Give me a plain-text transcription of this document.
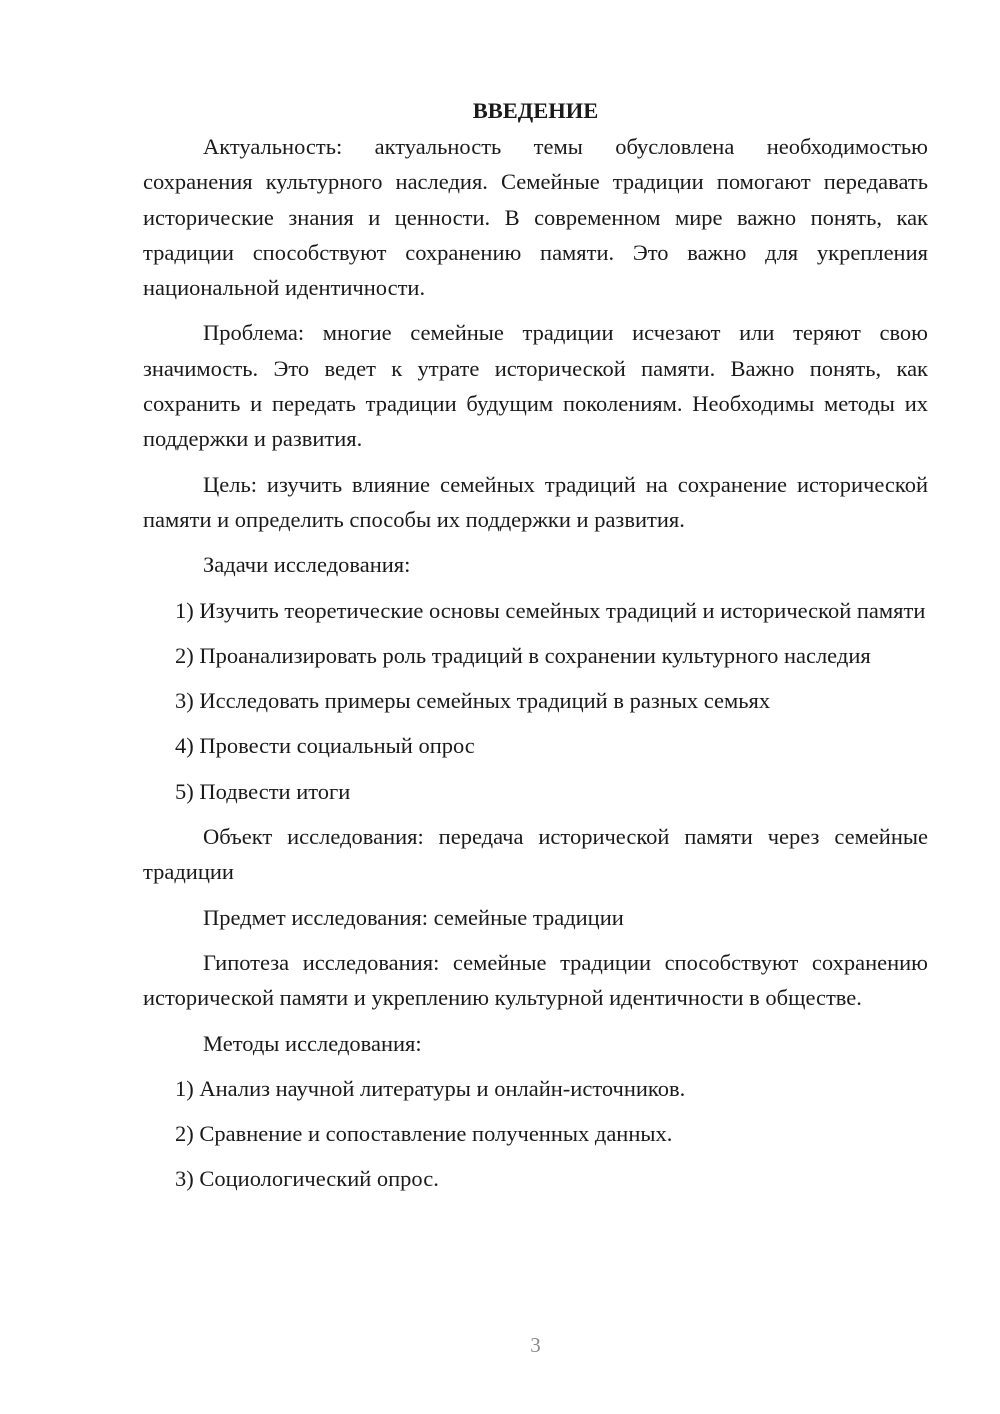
ВВЕДЕНИЕ

Актуальность: актуальность темы обусловлена необходимостью сохранения культурного наследия. Семейные традиции помогают передавать исторические знания и ценности. В современном мире важно понять, как традиции способствуют сохранению памяти. Это важно для укрепления национальной идентичности.

Проблема: многие семейные традиции исчезают или теряют свою значимость. Это ведет к утрате исторической памяти. Важно понять, как сохранить и передать традиции будущим поколениям. Необходимы методы их поддержки и развития.

Цель: изучить влияние семейных традиций на сохранение исторической памяти и определить способы их поддержки и развития.

Задачи исследования:

1) Изучить теоретические основы семейных традиций и исторической памяти

2) Проанализировать роль традиций в сохранении культурного наследия

3) Исследовать примеры семейных традиций в разных семьях

4) Провести социальный опрос

5) Подвести итоги

Объект исследования: передача исторической памяти через семейные традиции

Предмет исследования: семейные традиции

Гипотеза исследования: семейные традиции способствуют сохранению исторической памяти и укреплению культурной идентичности в обществе.

Методы исследования:

1) Анализ научной литературы и онлайн-источников.

2) Сравнение и сопоставление полученных данных.

3) Социологический опрос.

3
